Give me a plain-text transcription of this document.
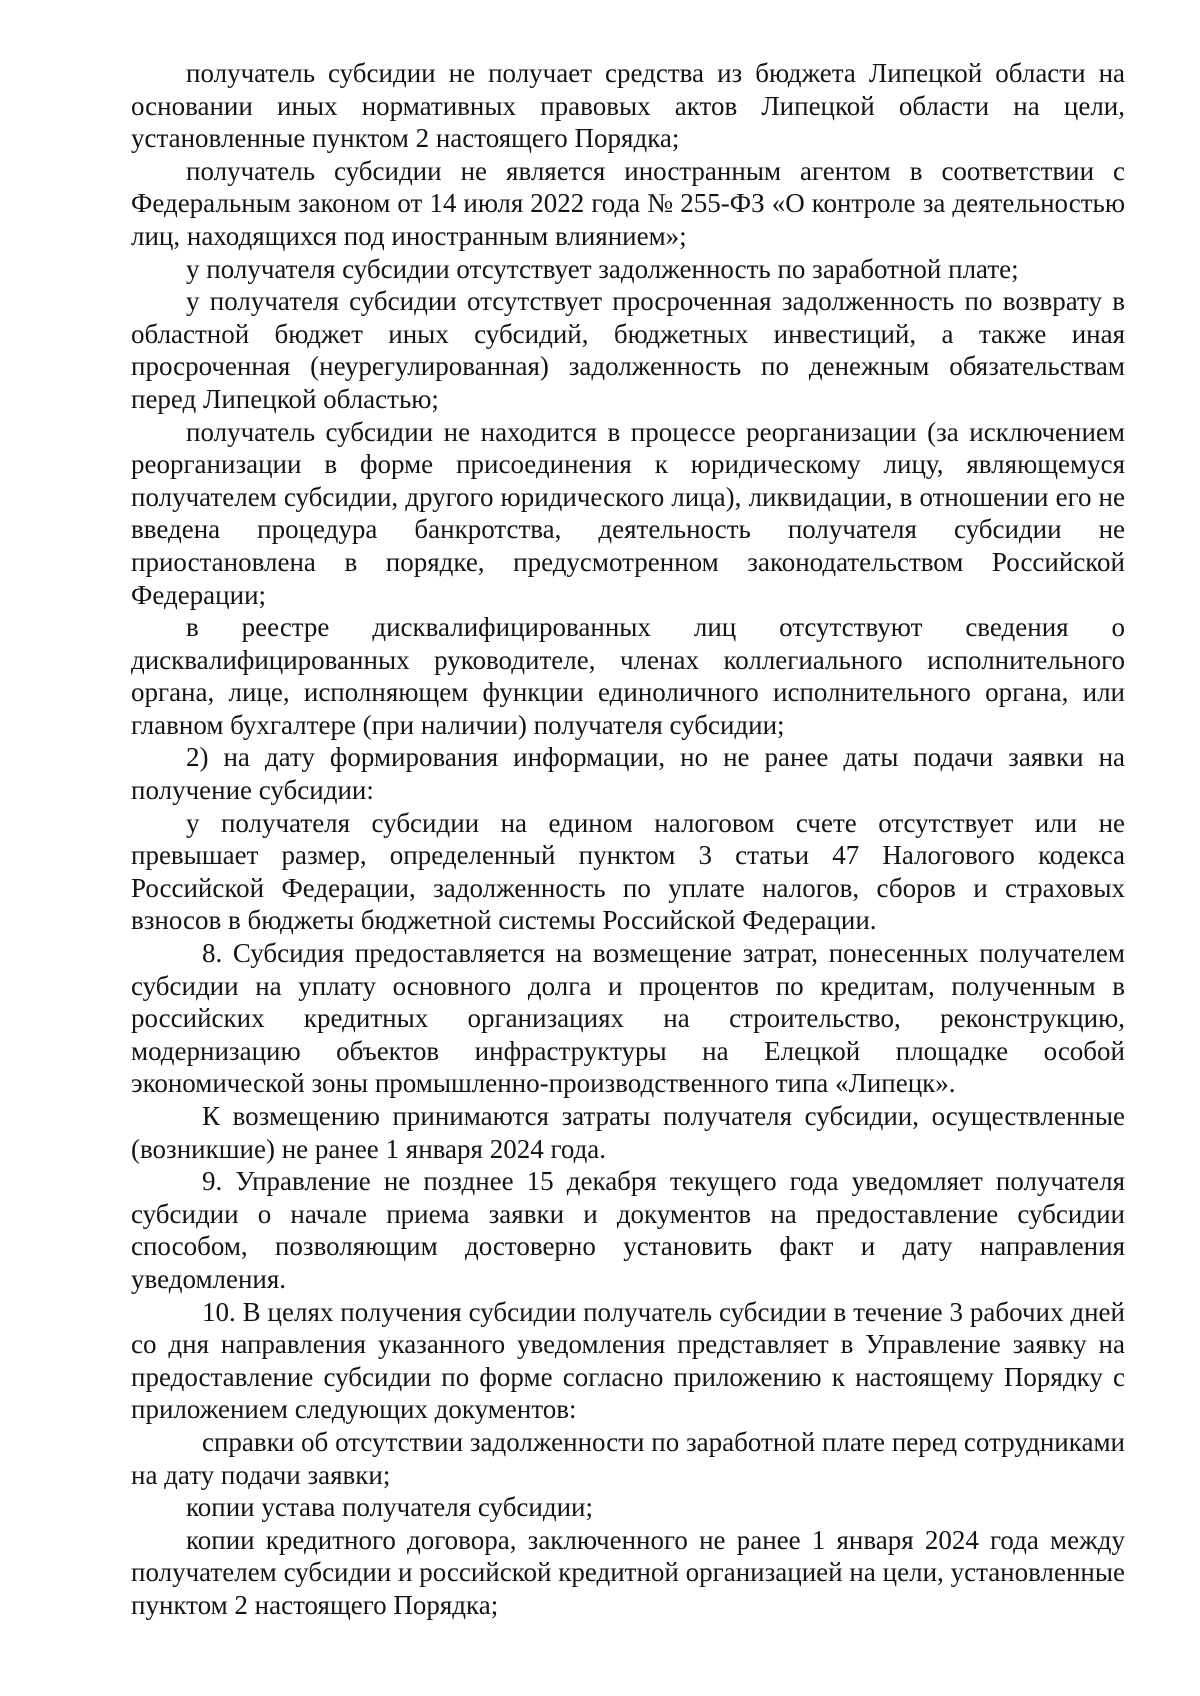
получатель субсидии не получает средства из бюджета Липецкой области на основании иных нормативных правовых актов Липецкой области на цели, установленные пунктом 2 настоящего Порядка;

получатель субсидии не является иностранным агентом в соответствии с Федеральным законом от 14 июля 2022 года № 255-ФЗ «О контроле за деятельностью лиц, находящихся под иностранным влиянием»;

у получателя субсидии отсутствует задолженность по заработной плате;

у получателя субсидии отсутствует просроченная задолженность по возврату в областной бюджет иных субсидий, бюджетных инвестиций, а также иная просроченная (неурегулированная) задолженность по денежным обязательствам перед Липецкой областью;

получатель субсидии не находится в процессе реорганизации (за исключением реорганизации в форме присоединения к юридическому лицу, являющемуся получателем субсидии, другого юридического лица), ликвидации, в отношении его не введена процедура банкротства, деятельность получателя субсидии не приостановлена в порядке, предусмотренном законодательством Российской Федерации;

в реестре дисквалифицированных лиц отсутствуют сведения о дисквалифицированных руководителе, членах коллегиального исполнительного органа, лице, исполняющем функции единоличного исполнительного органа, или главном бухгалтере (при наличии) получателя субсидии;

2) на дату формирования информации, но не ранее даты подачи заявки на получение субсидии:

у получателя субсидии на едином налоговом счете отсутствует или не превышает размер, определенный пунктом 3 статьи 47 Налогового кодекса Российской Федерации, задолженность по уплате налогов, сборов и страховых взносов в бюджеты бюджетной системы Российской Федерации.

8. Субсидия предоставляется на возмещение затрат, понесенных получателем субсидии на уплату основного долга и процентов по кредитам, полученным в российских кредитных организациях на строительство, реконструкцию, модернизацию объектов инфраструктуры на Елецкой площадке особой экономической зоны промышленно-производственного типа «Липецк».

К возмещению принимаются затраты получателя субсидии, осуществленные (возникшие) не ранее 1 января 2024 года.

9. Управление не позднее 15 декабря текущего года уведомляет получателя субсидии о начале приема заявки и документов на предоставление субсидии способом, позволяющим достоверно установить факт и дату направления уведомления.

10. В целях получения субсидии получатель субсидии в течение 3 рабочих дней со дня направления указанного уведомления представляет в Управление заявку на предоставление субсидии по форме согласно приложению к настоящему Порядку с приложением следующих документов:

справки об отсутствии задолженности по заработной плате перед сотрудниками на дату подачи заявки;

копии устава получателя субсидии;

копии кредитного договора, заключенного не ранее 1 января 2024 года между получателем субсидии и российской кредитной организацией на цели, установленные пунктом 2 настоящего Порядка;
